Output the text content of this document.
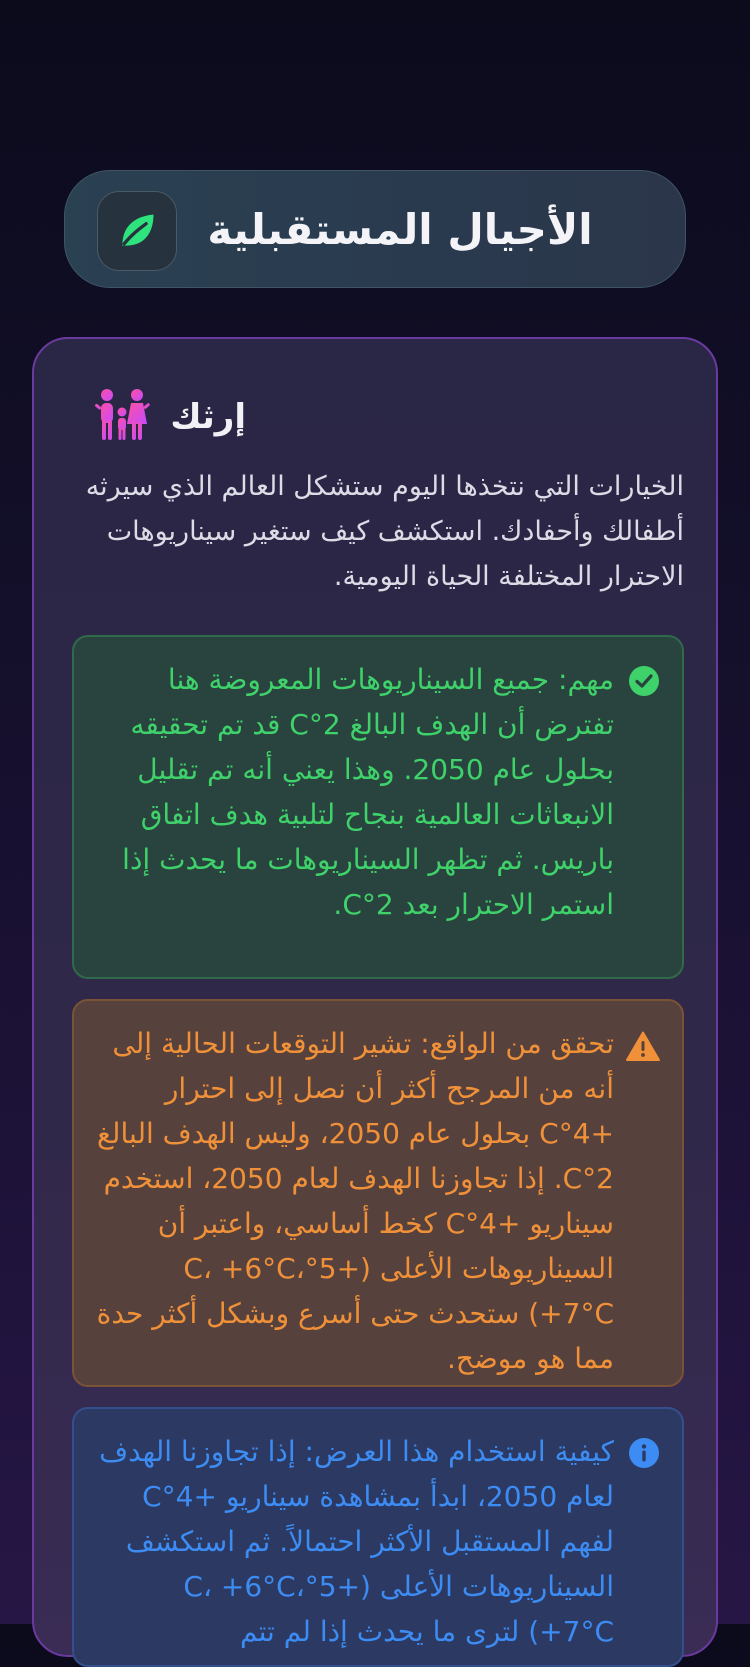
الأجيال المستقبلية
إرثك

الخيارات التي نتخذها اليوم ستشكل العالم الذي سيرثه أطفالك وأحفادك. استكشف كيف ستغير سيناريوهات الاحترار المختلفة الحياة اليومية.

مهم: جميع السيناريوهات المعروضة هنا تفترض أن الهدف البالغ 2°C قد تم تحقيقه بحلول عام 2050. وهذا يعني أنه تم تقليل الانبعاثات العالمية بنجاح لتلبية هدف اتفاق باريس. ثم تظهر السيناريوهات ما يحدث إذا استمر الاحترار بعد 2°C.
تحقق من الواقع: تشير التوقعات الحالية إلى أنه من المرجح أكثر أن نصل إلى احترار +4°C بحلول عام 2050، وليس الهدف البالغ 2°C. إذا تجاوزنا الهدف لعام 2050، استخدم سيناريو +4°C كخط أساسي، واعتبر أن السيناريوهات الأعلى (+5°C، +6°C، +7°C) ستحدث حتى أسرع وبشكل أكثر حدة مما هو موضح.
كيفية استخدام هذا العرض: إذا تجاوزنا الهدف لعام 2050، ابدأ بمشاهدة سيناريو +4°C لفهم المستقبل الأكثر احتمالاً. ثم استكشف السيناريوهات الأعلى (+5°C، +6°C، +7°C) لترى ما يحدث إذا لم تتم
